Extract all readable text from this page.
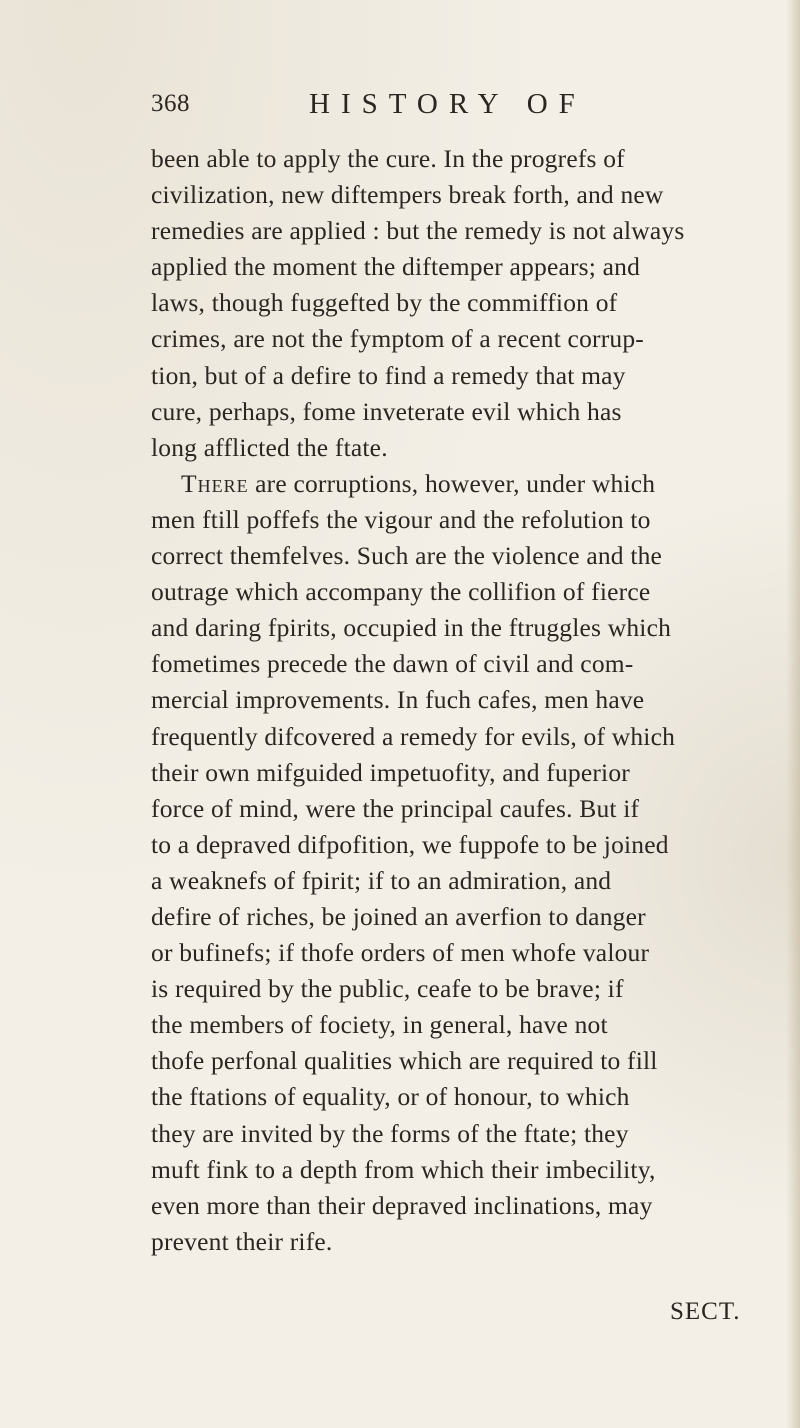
368	HISTORY OF
been able to apply the cure. In the progrefs of
civilization, new diftempers break forth, and new
remedies are applied : but the remedy is not always
applied the moment the diftemper appears; and
laws, though fuggefted by the commiffion of
crimes, are not the fymptom of a recent corrup-
tion, but of a defire to find a remedy that may
cure, perhaps, fome inveterate evil which has
long afflicted the ftate.
There are corruptions, however, under which
men ftill poffefs the vigour and the refolution to
correct themfelves. Such are the violence and the
outrage which accompany the collifion of fierce
and daring fpirits, occupied in the ftruggles which
fometimes precede the dawn of civil and com-
mercial improvements. In fuch cafes, men have
frequently difcovered a remedy for evils, of which
their own mifguided impetuofity, and fuperior
force of mind, were the principal caufes. But if
to a depraved difpofition, we fuppofe to be joined
a weaknefs of fpirit; if to an admiration, and
defire of riches, be joined an averfion to danger
or bufinefs; if thofe orders of men whofe valour
is required by the public, ceafe to be brave; if
the members of fociety, in general, have not
thofe perfonal qualities which are required to fill
the ftations of equality, or of honour, to which
they are invited by the forms of the ftate; they
muft fink to a depth from which their imbecility,
even more than their depraved inclinations, may
prevent their rife.
SECT.
